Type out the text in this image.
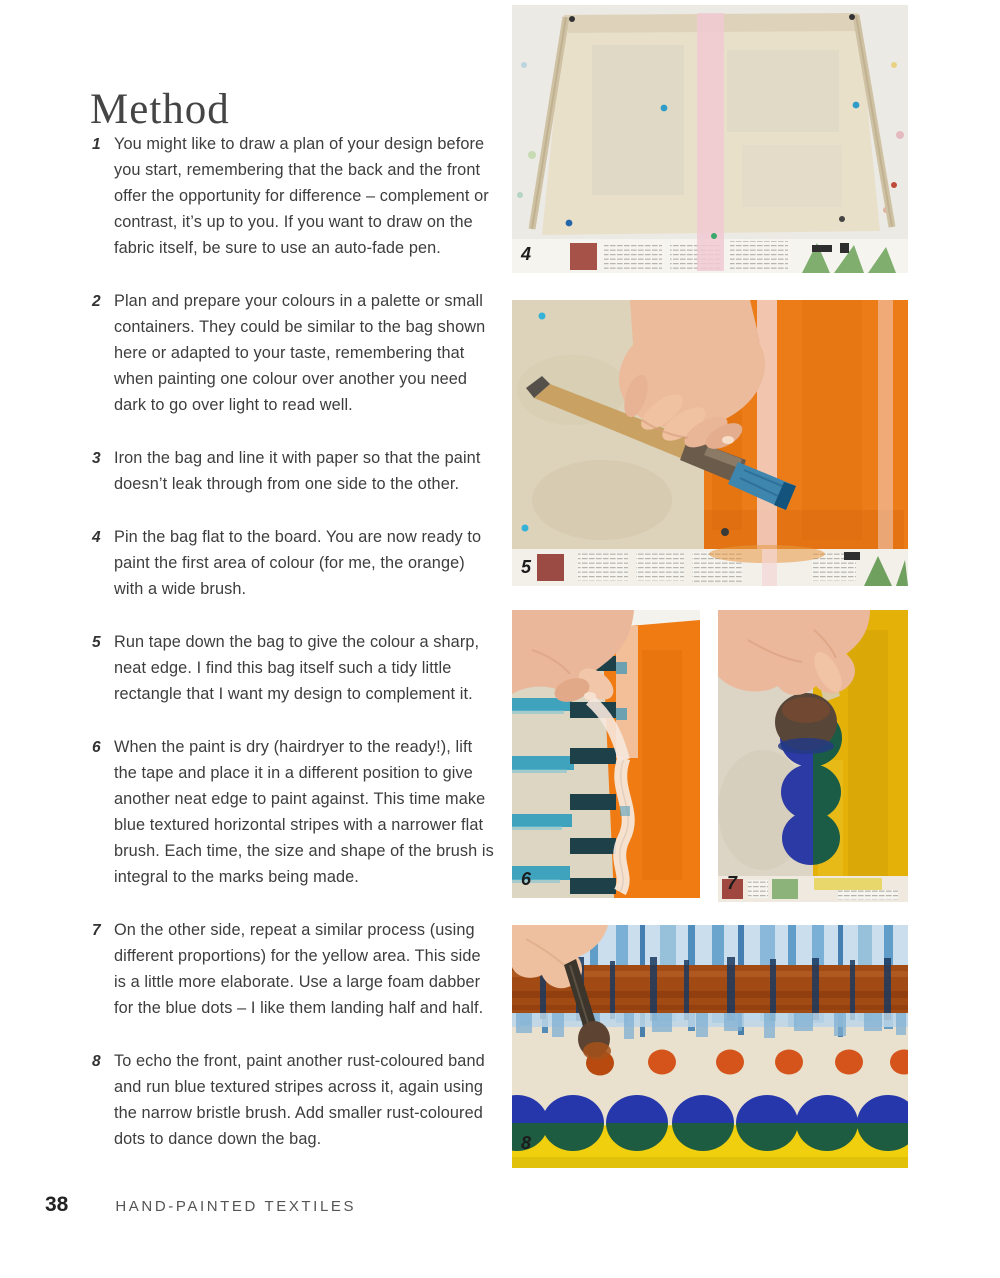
Method
1 You might like to draw a plan of your design before you start, remembering that the back and the front offer the opportunity for difference – complement or contrast, it’s up to you. If you want to draw on the fabric itself, be sure to use an auto-fade pen.
2 Plan and prepare your colours in a palette or small containers. They could be similar to the bag shown here or adapted to your taste, remembering that when painting one colour over another you need dark to go over light to read well.
3 Iron the bag and line it with paper so that the paint doesn’t leak through from one side to the other.
4 Pin the bag flat to the board. You are now ready to paint the first area of colour (for me, the orange) with a wide brush.
5 Run tape down the bag to give the colour a sharp, neat edge. I find this bag itself such a tidy little rectangle that I want my design to complement it.
6 When the paint is dry (hairdryer to the ready!), lift the tape and place it in a different position to give another neat edge to paint against. This time make blue textured horizontal stripes with a narrower flat brush. Each time, the size and shape of the brush is integral to the marks being made.
7 On the other side, repeat a similar process (using different proportions) for the yellow area. This side is a little more elaborate. Use a large foam dabber for the blue dots – I like them landing half and half.
8 To echo the front, paint another rust-coloured band and run blue textured stripes across it, again using the narrow bristle brush. Add smaller rust-coloured dots to dance down the bag.
4
5
6	7
8
38	HAND-PAINTED TEXTILES
